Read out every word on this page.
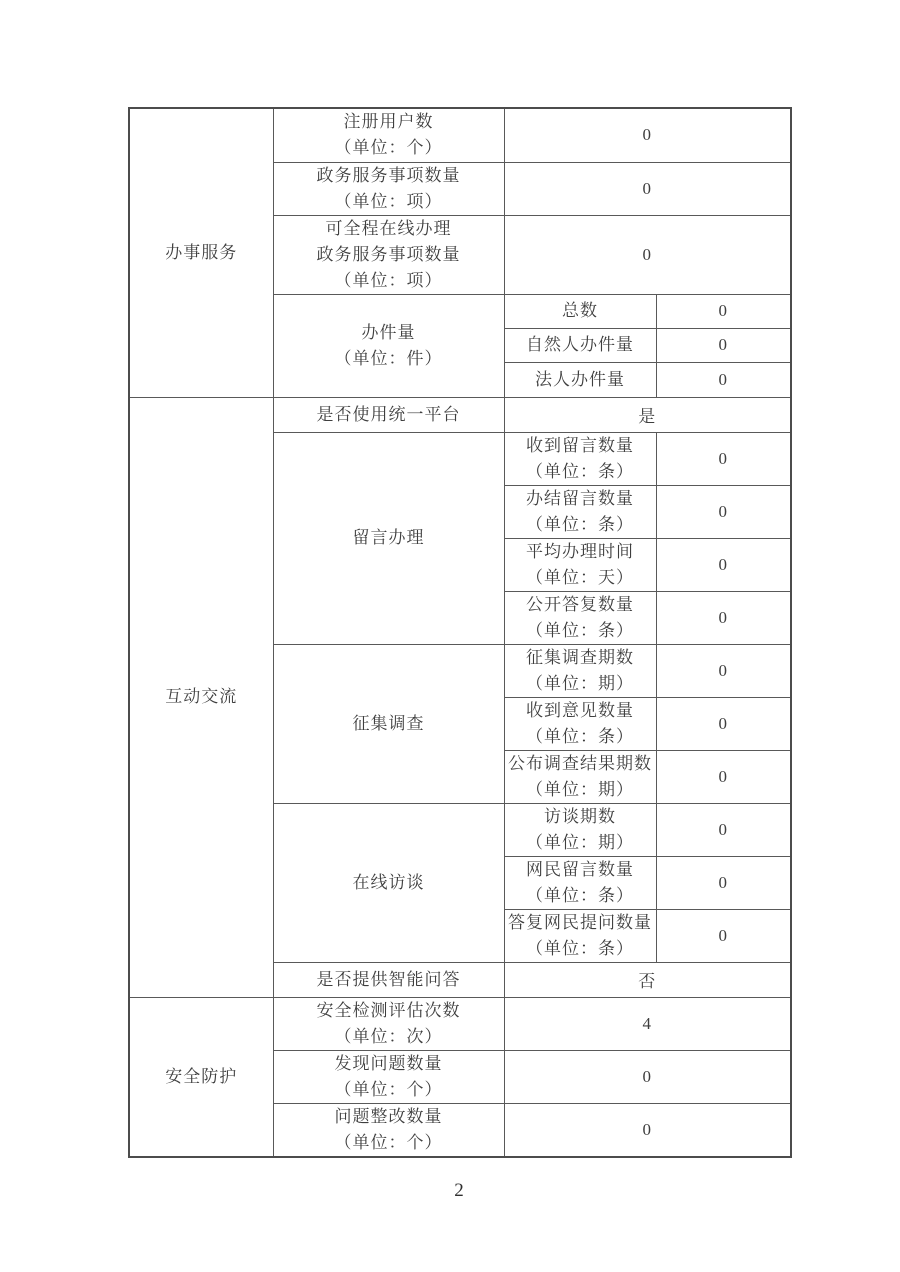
办事服务	注册用户数
（单位：个）	0	

	政务服务事项数量
（单位：项）	0	

	可全程在线办理
政务服务事项数量
（单位：项）	0	

	办件量
（单位：件）	总数	0

		自然人办件量	0

		法人办件量	0

互动交流	是否使用统一平台	是	

	留言办理	收到留言数量
（单位：条）	0

		办结留言数量
（单位：条）	0

		平均办理时间
（单位：天）	0

		公开答复数量
（单位：条）	0

	征集调查	征集调查期数
（单位：期）	0

		收到意见数量
（单位：条）	0

		公布调查结果期数
（单位：期）	0

	在线访谈	访谈期数
（单位：期）	0

		网民留言数量
（单位：条）	0

		答复网民提问数量
（单位：条）	0

	是否提供智能问答	否	

安全防护	安全检测评估次数
（单位：次）	4	

	发现问题数量
（单位：个）	0	

	问题整改数量
（单位：个）	0	
2
